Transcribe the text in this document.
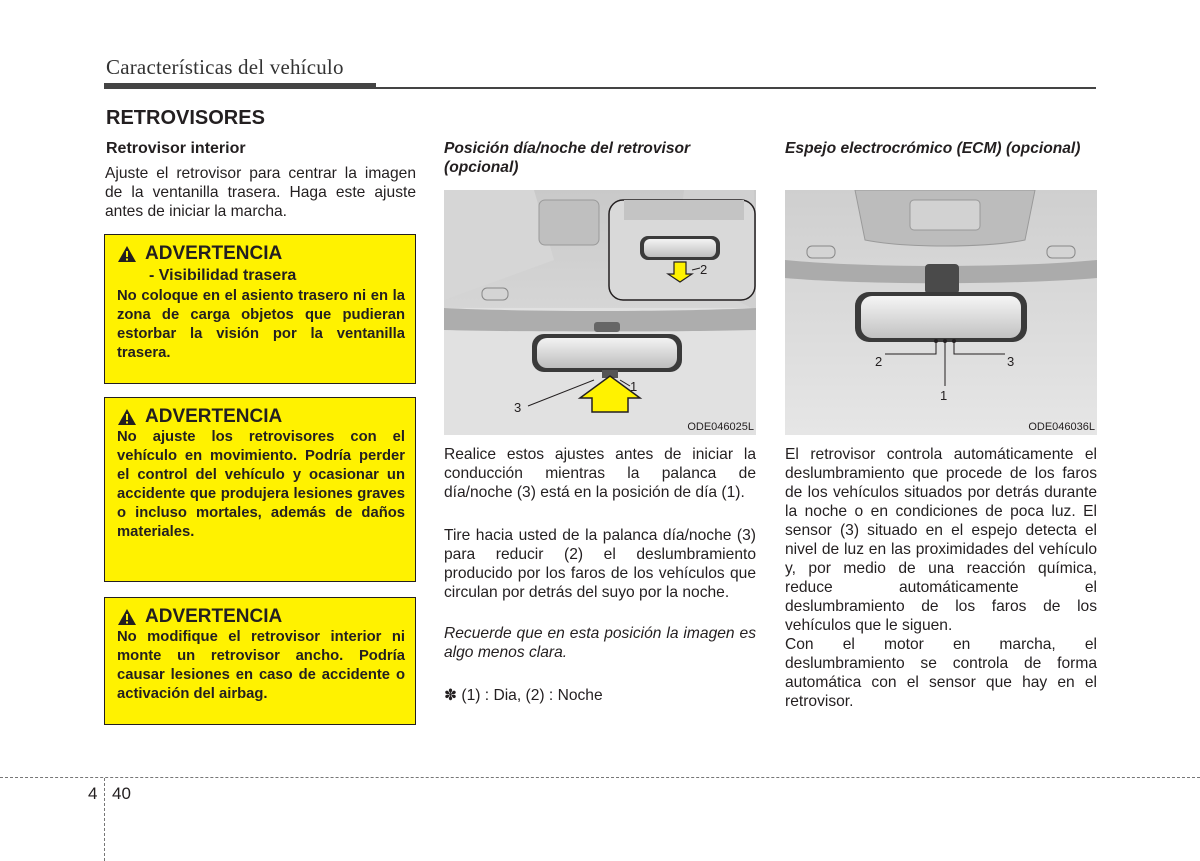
Características del vehículo
RETROVISORES
Retrovisor interior
Ajuste el retrovisor para centrar la imagen de la ventanilla trasera. Haga este ajuste antes de iniciar la marcha.
ADVERTENCIA
- Visibilidad trasera
No coloque en el asiento trasero ni en la zona de carga objetos que pudieran estorbar la visión por la ventanilla trasera.
ADVERTENCIA
No ajuste los retrovisores con el vehículo en movimiento. Podría perder el control del vehículo y ocasionar un accidente que produjera lesiones graves o incluso mortales, además de daños materiales.
ADVERTENCIA
No modifique el retrovisor interior ni monte un retrovisor ancho. Podría causar lesiones en caso de accidente o activación del airbag.
Posición día/noche del retrovisor (opcional)
2
1
3
ODE046025L
Realice estos ajustes antes de iniciar la conducción mientras la palanca de día/noche (3) está en la posición de día (1).
Tire hacia usted de la palanca día/noche (3) para reducir (2) el deslumbramiento producido por los faros de los vehículos que circulan por detrás del suyo por la noche.
Recuerde que en esta posición la imagen es algo menos clara.
✽ (1) : Dia, (2) : Noche
Espejo electrocrómico (ECM) (opcional)
2	3
1
ODE046036L
El retrovisor controla automáticamente el deslumbramiento que procede de los faros de los vehículos situados por detrás durante la noche o en condiciones de poca luz. El sensor (3) situado en el espejo detecta el nivel de luz en las proximidades del vehículo y, por medio de una reacción química, reduce automáticamente el deslumbramiento de los faros de los vehículos que le siguen.
Con el motor en marcha, el deslumbramiento se controla de forma automática con el sensor que hay en el retrovisor.
4 40
